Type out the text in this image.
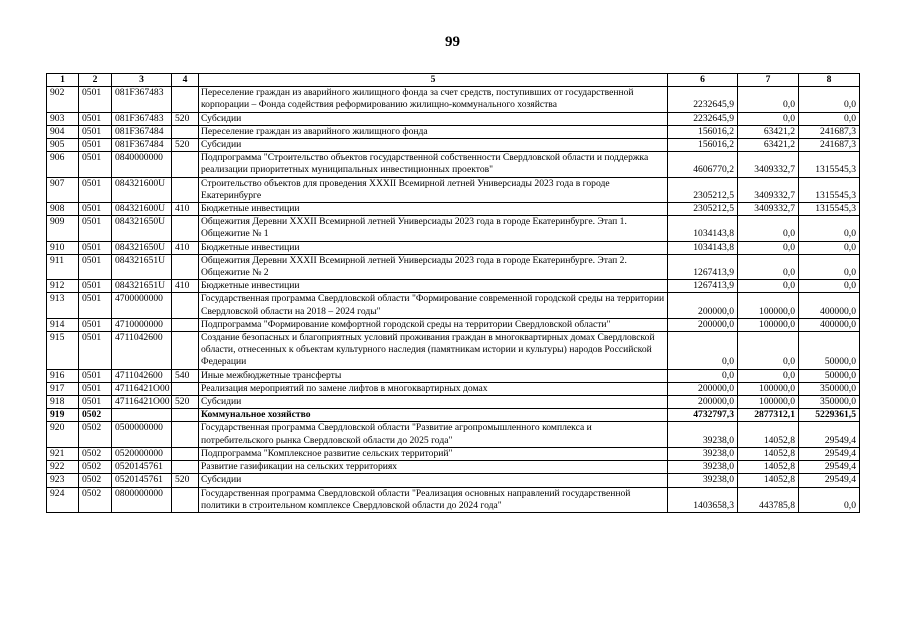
99
1	2	3	4	5	6	7	8
902	0501	081F367483		Переселение граждан из аварийного жилищного фонда за счет средств, поступивших от государственной корпорации – Фонда содействия реформированию жилищно-коммунального хозяйства	2232645,9	0,0	0,0
903	0501	081F367483	520	Субсидии	2232645,9	0,0	0,0
904	0501	081F367484		Переселение граждан из аварийного жилищного фонда	156016,2	63421,2	241687,3
905	0501	081F367484	520	Субсидии	156016,2	63421,2	241687,3
906	0501	0840000000		Подпрограмма "Строительство объектов государственной собственности Свердловской области и поддержка реализации приоритетных муниципальных инвестиционных проектов"	4606770,2	3409332,7	1315545,3
907	0501	084321600U		Строительство объектов для проведения XXXII Всемирной летней Универсиады 2023 года в городе Екатеринбурге	2305212,5	3409332,7	1315545,3
908	0501	084321600U	410	Бюджетные инвестиции	2305212,5	3409332,7	1315545,3
909	0501	084321650U		Общежития Деревни XXXII Всемирной летней Универсиады 2023 года в городе Екатеринбурге. Этап 1. Общежитие № 1	1034143,8	0,0	0,0
910	0501	084321650U	410	Бюджетные инвестиции	1034143,8	0,0	0,0
911	0501	084321651U		Общежития Деревни XXXII Всемирной летней Универсиады 2023 года в городе Екатеринбурге. Этап 2. Общежитие № 2	1267413,9	0,0	0,0
912	0501	084321651U	410	Бюджетные инвестиции	1267413,9	0,0	0,0
913	0501	4700000000		Государственная программа Свердловской области "Формирование современной городской среды на территории Свердловской области на 2018 – 2024 годы"	200000,0	100000,0	400000,0
914	0501	4710000000		Подпрограмма "Формирование комфортной городской среды на территории Свердловской области"	200000,0	100000,0	400000,0
915	0501	4711042600		Создание безопасных и благоприятных условий проживания граждан в многоквартирных домах Свердловской области, отнесенных к объектам культурного наследия (памятникам истории и культуры) народов Российской Федерации	0,0	0,0	50000,0
916	0501	4711042600	540	Иные межбюджетные трансферты	0,0	0,0	50000,0
917	0501	47116421О00		Реализация мероприятий по замене лифтов в многоквартирных домах	200000,0	100000,0	350000,0
918	0501	47116421О00	520	Субсидии	200000,0	100000,0	350000,0
919	0502			Коммунальное хозяйство	4732797,3	2877312,1	5229361,5
920	0502	0500000000		Государственная программа Свердловской области "Развитие агропромышленного комплекса и потребительского рынка Свердловской области до 2025 года"	39238,0	14052,8	29549,4
921	0502	0520000000		Подпрограмма "Комплексное развитие сельских территорий"	39238,0	14052,8	29549,4
922	0502	0520145761		Развитие газификации на сельских территориях	39238,0	14052,8	29549,4
923	0502	0520145761	520	Субсидии	39238,0	14052,8	29549,4
924	0502	0800000000		Государственная программа Свердловской области "Реализация основных направлений государственной политики в строительном комплексе Свердловской области до 2024 года"	1403658,3	443785,8	0,0
